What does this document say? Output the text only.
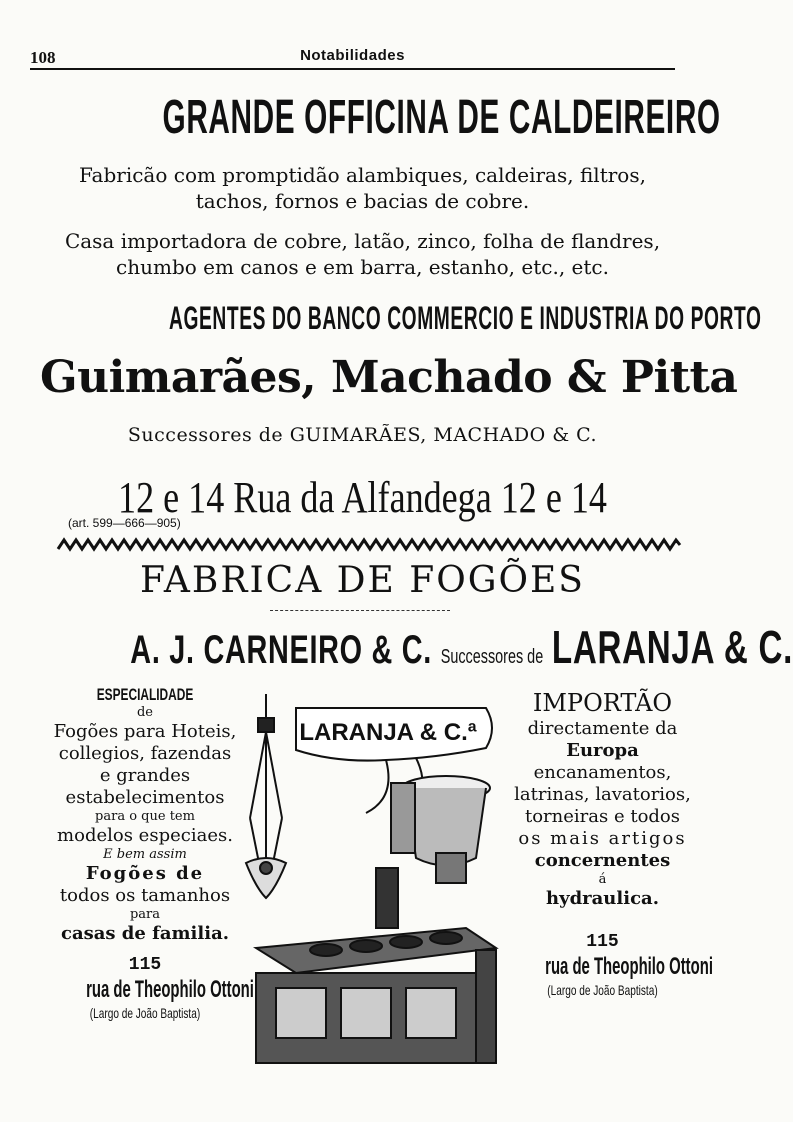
108	Notabilidades
GRANDE OFFICINA DE CALDEIREIRO
Fabricão com promptidão alambiques, caldeiras, filtros,
tachos, fornos e bacias de cobre.
Casa importadora de cobre, latão, zinco, folha de flandres,
chumbo em canos e em barra, estanho, etc., etc.
AGENTES DO BANCO COMMERCIO E INDUSTRIA DO PORTO
Guimarães, Machado & Pitta
Successores de GUIMARÃES, MACHADO & C.
12 e 14 Rua da Alfandega 12 e 14
(art. 599—666—905)
FABRICA DE FOGÕES
A. J. CARNEIRO & C. Successores de LARANJA & C.
ESPECIALIDADE
de
Fogões para Hoteis,
collegios, fazendas
e grandes
estabelecimentos
para o que tem
modelos especiaes.
E bem assim
Fogões de
todos os tamanhos
para
casas de familia.
115
rua de Theophilo Ottoni
(Largo de João Baptista)
LARANJA & C.ª
IMPORTÃO
directamente da
Europa
encanamentos,
latrinas, lavatorios,
torneiras e todos
os mais artigos
concernentes
á
hydraulica.
115
rua de Theophilo Ottoni
(Largo de João Baptista)
